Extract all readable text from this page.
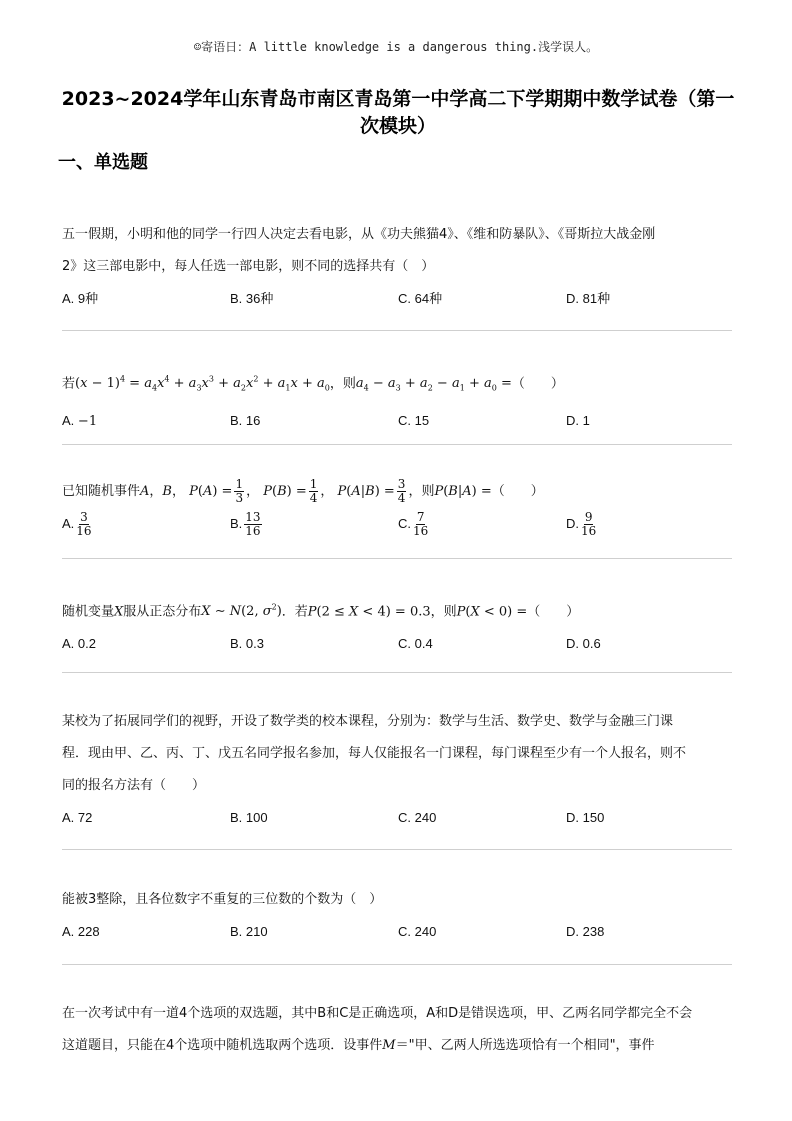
☺寄语日：A little knowledge is a dangerous thing.浅学误人。
2023~2024学年山东青岛市南区青岛第一中学高二下学期期中数学试卷（第一
次模块）
一、单选题
五一假期，小明和他的同学一行四人决定去看电影，从《功夫熊猫4》、《维和防暴队》、《哥斯拉大战金刚
2》这三部电影中，每人任选一部电影，则不同的选择共有（　）
A. 9种	B. 36种	C. 64种	D. 81种
若$(x - 1)^4 = a_4x^4 + a_3x^3 + a_2x^2 + a_1x + a_0$，则$a_4 - a_3 + a_2 - a_1 + a_0$ =（　　）
A. −1	B. 16	C. 15	D. 1
已知随机事件A，B， $P(A) = \frac{1}{3}$ ， $P(B) = \frac{1}{4}$ ， $P(A|B) = \frac{3}{4}$ ，则P(B|A) =（　　）
A. $\frac{3}{16}$	B. $\frac{13}{16}$	C. $\frac{7}{16}$	D. $\frac{9}{16}$
随机变量X服从正态分布X ∼ N(2, $\sigma^2$)．若P(2 ≤ X < 4) = 0.3，则P(X < 0) =（　　）
A. 0.2	B. 0.3	C. 0.4	D. 0.6
某校为了拓展同学们的视野，开设了数学类的校本课程，分别为：数学与生活、数学史、数学与金融三门课
程．现由甲、乙、丙、丁、戊五名同学报名参加，每人仅能报名一门课程，每门课程至少有一个人报名，则不
同的报名方法有（　　）
A. 72	B. 100	C. 240	D. 150
能被3整除，且各位数字不重复的三位数的个数为（　）
A. 228	B. 210	C. 240	D. 238
在一次考试中有一道4个选项的双选题，其中B和C是正确选项，A和D是错误选项，甲、乙两名同学都完全不会
这道题目，只能在4个选项中随机选取两个选项．设事件M＝"甲、乙两人所选选项恰有一个相同"，事件
